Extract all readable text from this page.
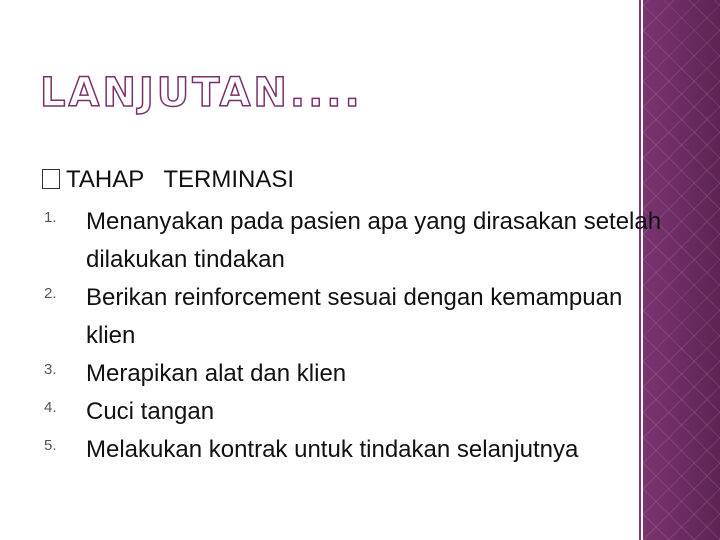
LANJUTAN....
TAHAP   TERMINASI
1. Menanyakan pada pasien apa yang dirasakan setelah dilakukan tindakan
2. Berikan reinforcement sesuai dengan kemampuan klien
3. Merapikan alat dan klien
4. Cuci tangan
5. Melakukan kontrak untuk tindakan selanjutnya
